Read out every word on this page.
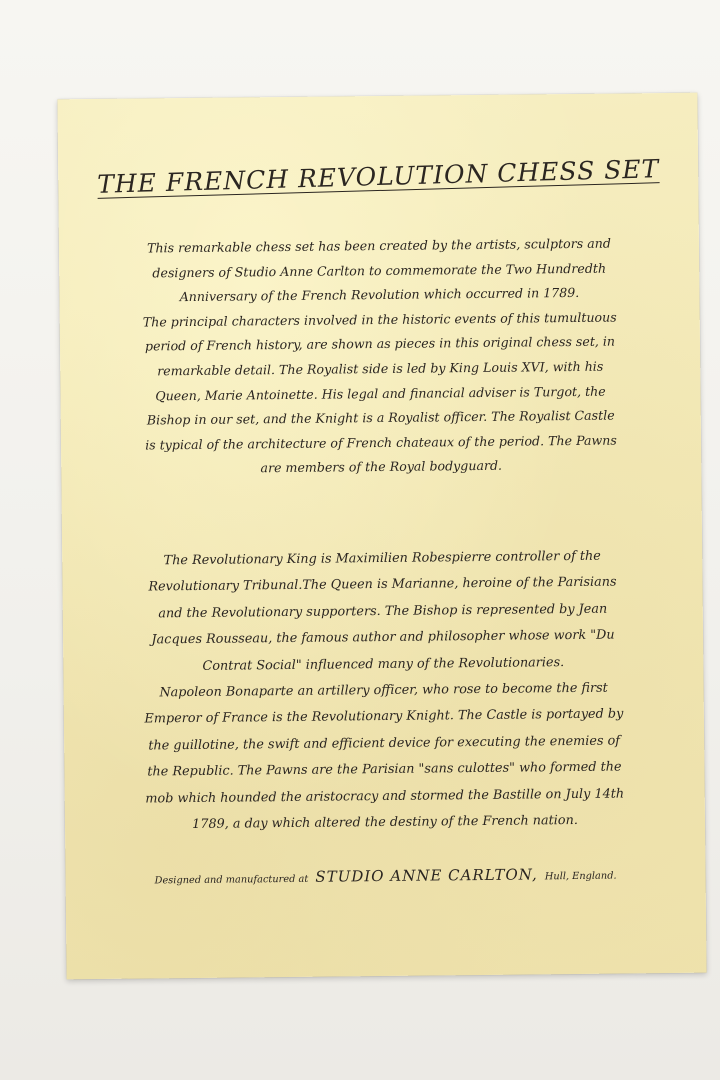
THE FRENCH REVOLUTION CHESS SET
This remarkable chess set has been created by the artists, sculptors and
designers of Studio Anne Carlton to commemorate the Two Hundredth
Anniversary of the French Revolution which occurred in 1789.
The principal characters involved in the historic events of this tumultuous
period of French history, are shown as pieces in this original chess set, in
remarkable detail. The Royalist side is led by King Louis XVI, with his
Queen, Marie Antoinette. His legal and financial adviser is Turgot, the
Bishop in our set, and the Knight is a Royalist officer. The Royalist Castle
is typical of the architecture of French chateaux of the period. The Pawns
are members of the Royal bodyguard.
The Revolutionary King is Maximilien Robespierre controller of the
Revolutionary Tribunal.The Queen is Marianne, heroine of the Parisians
and the Revolutionary supporters. The Bishop is represented by Jean
Jacques Rousseau, the famous author and philosopher whose work "Du
Contrat Social" influenced many of the Revolutionaries.
Napoleon Bonaparte an artillery officer, who rose to become the first
Emperor of France is the Revolutionary Knight. The Castle is portayed by
the guillotine, the swift and efficient device for executing the enemies of
the Republic. The Pawns are the Parisian "sans culottes" who formed the
mob which hounded the aristocracy and stormed the Bastille on July 14th
1789, a day which altered the destiny of the French nation.
Designed and manufactured at STUDIO ANNE CARLTON, Hull, England.
